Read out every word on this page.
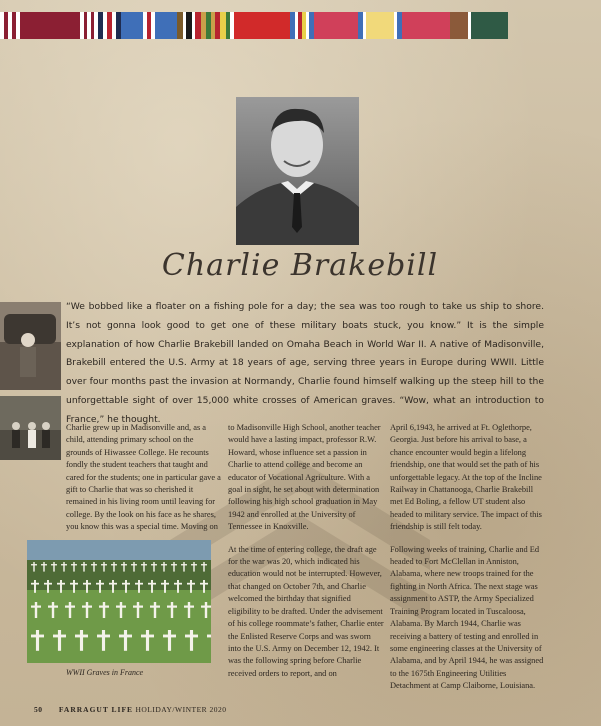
Charlie Brakebill
“We bobbed like a floater on a fishing pole for a day; the sea was too rough to take us ship to shore. It’s not gonna look good to get one of these military boats stuck, you know.” It is the simple explanation of how Charlie Brakebill landed on Omaha Beach in World War II. A native of Madisonville, Brakebill entered the U.S. Army at 18 years of age, serving three years in Europe during WWII. Little over four months past the invasion at Normandy, Charlie found himself walking up the steep hill to the unforgettable sight of over 15,000 white crosses of American graves. “Wow, what an introduction to France,” he thought.

Charlie grew up in Madisonville and, as a child, attending primary school on the grounds of Hiwassee College. He recounts fondly the student teachers that taught and cared for the students; one in particular gave a gift to Charlie that was so cherished it remained in his living room until leaving for college. By the look on his face as he shares, you know this was a special time. Moving on

to Madisonville High School, another teacher would have a lasting impact, professor R.W. Howard, whose influence set a passion in Charlie to attend college and become an educator of Vocational Agriculture. With a goal in sight, he set about with determination following his high school graduation in May 1942 and enrolled at the University of Tennessee in Knoxville.

At the time of entering college, the draft age for the war was 20, which indicated his education would not be interrupted. However, that changed on October 7th, and Charlie welcomed the birthday that signified eligibility to be drafted. Under the advisement of his college roommate’s father, Charlie enter the Enlisted Reserve Corps and was sworn into the U.S. Army on December 12, 1942. It was the following spring before Charlie received orders to report, and on

April 6,1943, he arrived at Ft. Oglethorpe, Georgia. Just before his arrival to base, a chance encounter would begin a lifelong friendship, one that would set the path of his unforgettable legacy. At the top of the Incline Railway in Chattanooga, Charlie Brakebill met Ed Boling, a fellow UT student also headed to military service. The impact of this friendship is still felt today.

Following weeks of training, Charlie and Ed headed to Fort McClellan in Anniston, Alabama, where new troops trained for the fighting in North Africa. The next stage was assignment to ASTP, the Army Specialized Training Program located in Tuscaloosa, Alabama. By March 1944, Charlie was receiving a battery of testing and enrolled in some engineering classes at the University of Alabama, and by April 1944, he was assigned to the 1675th Engineering Utilities Detachment at Camp Claiborne, Louisiana.

WWII Graves in France
50 FARRAGUT LIFE HOLIDAY/WINTER 2020
